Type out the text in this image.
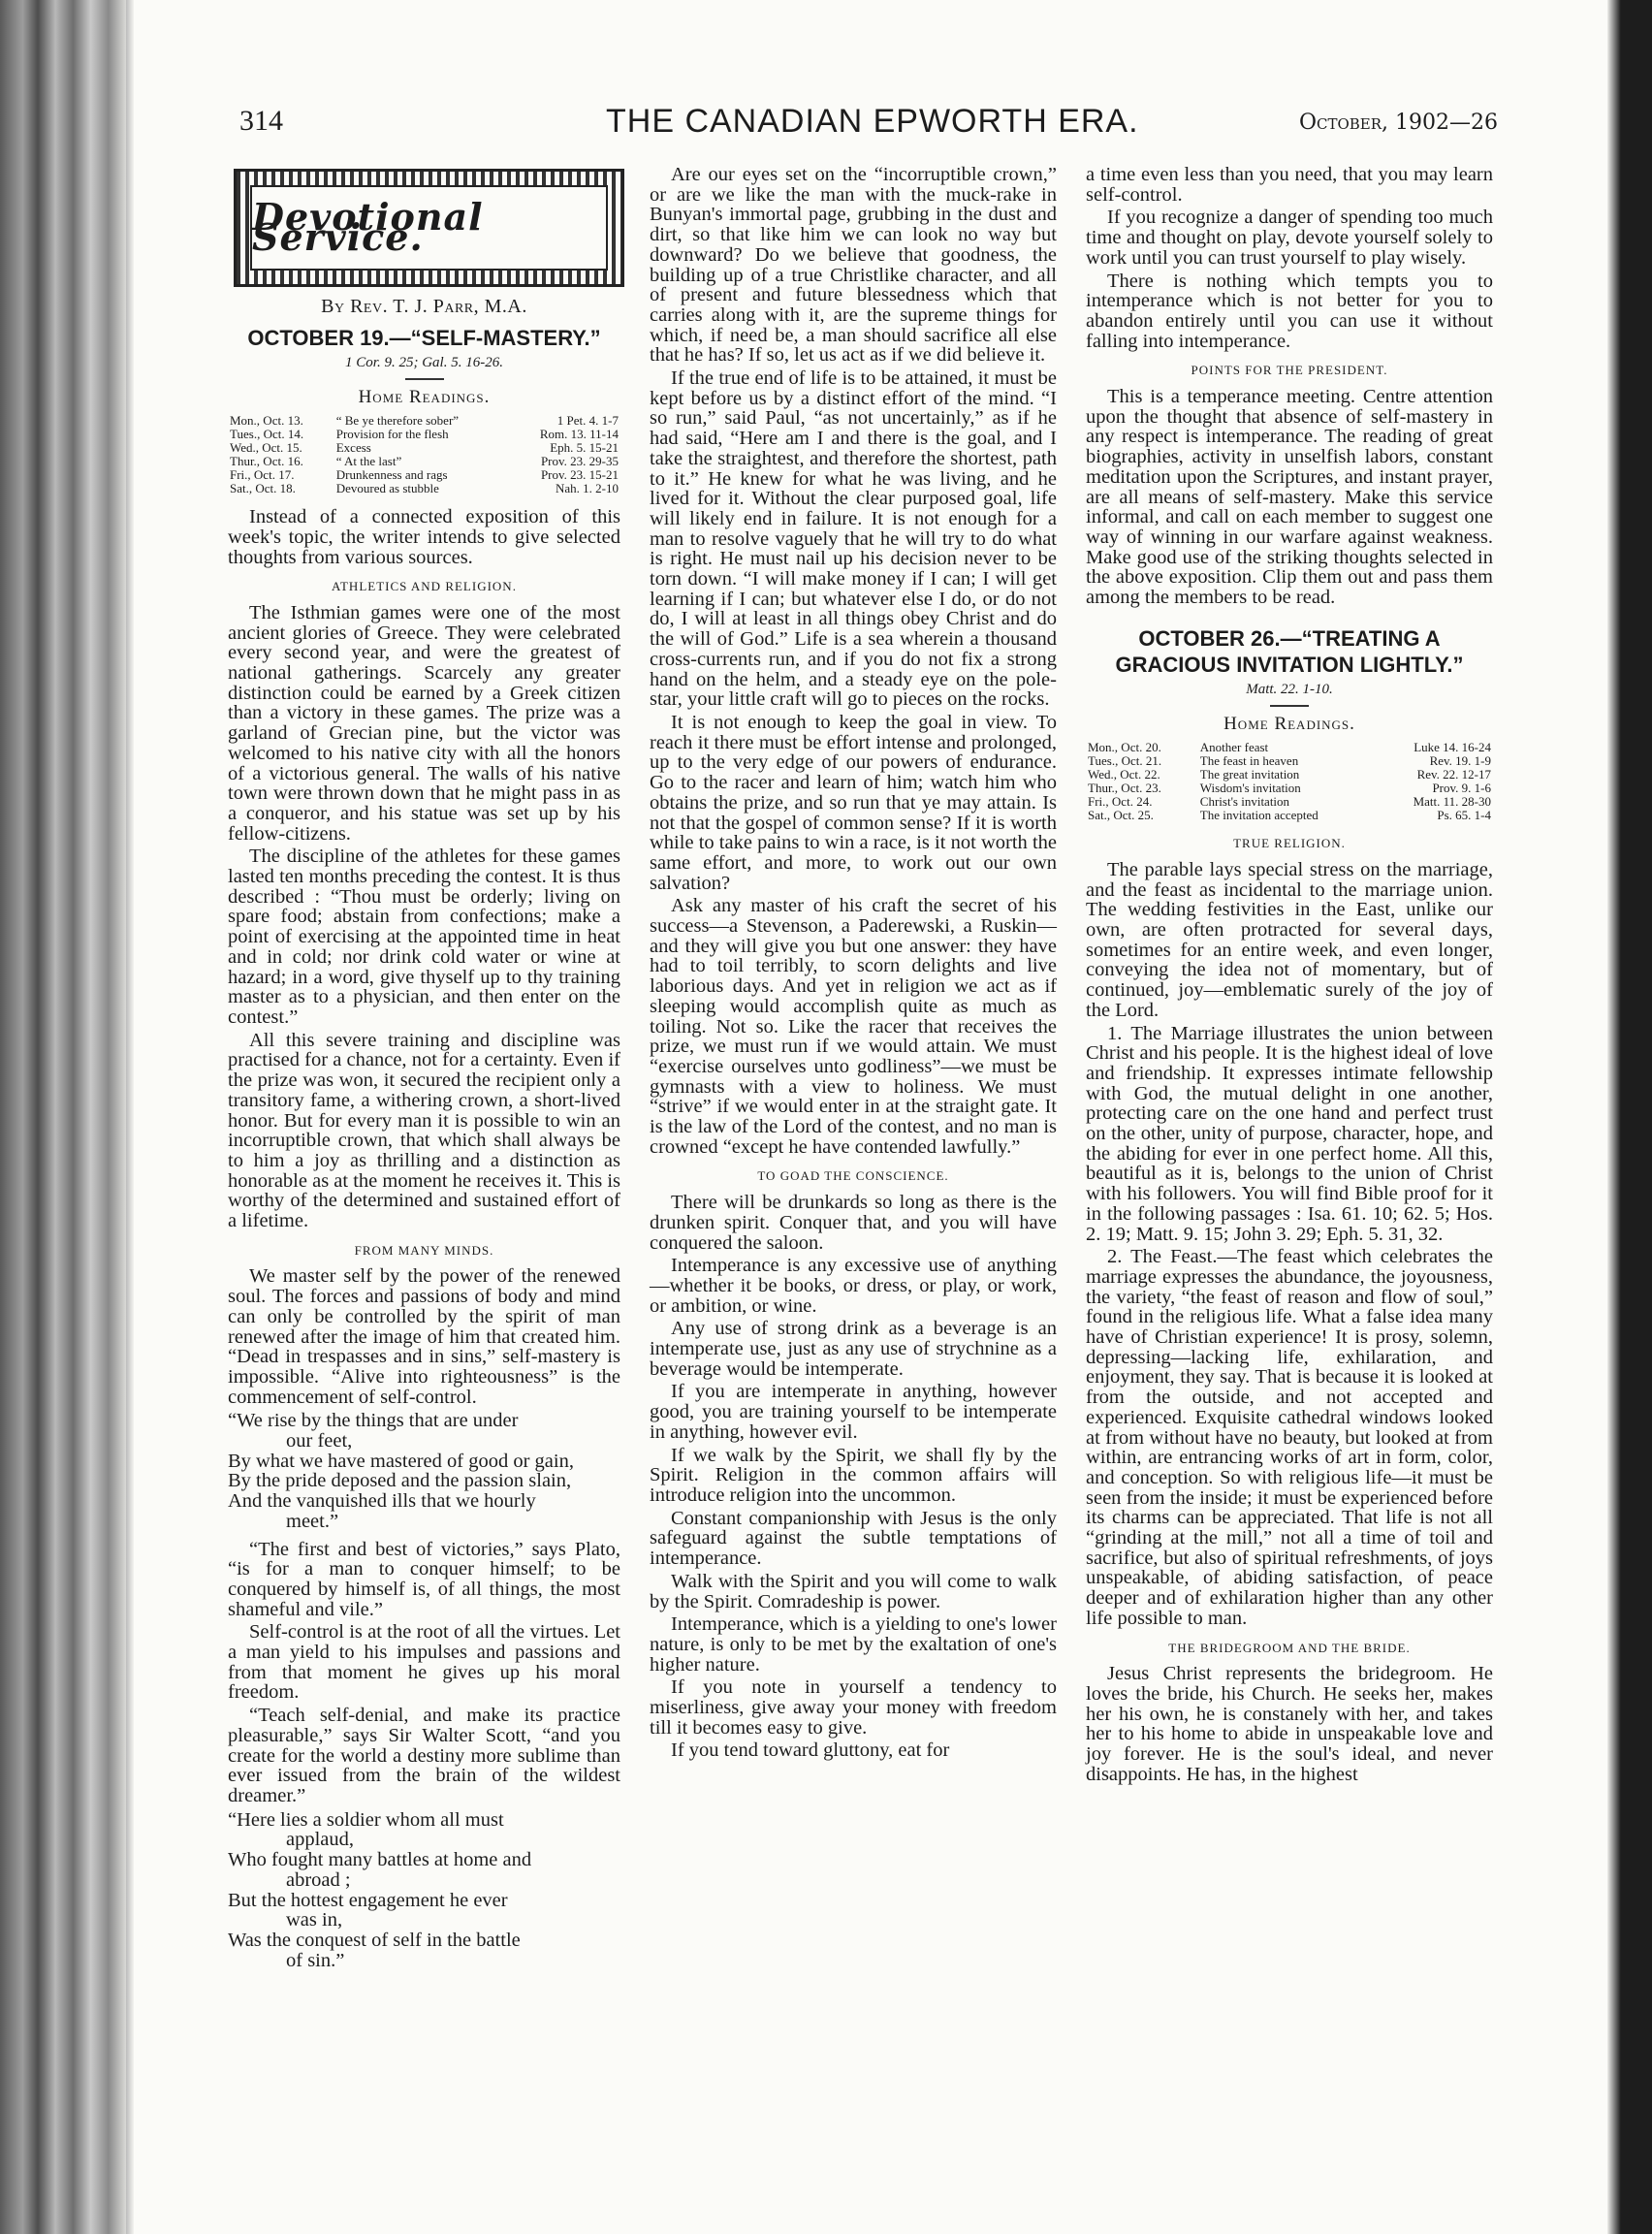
314	THE CANADIAN EPWORTH ERA.	October, 1902—26
Devotional Service.
By Rev. T. J. Parr, M.A.
OCTOBER 19.—“SELF-MASTERY.”
1 Cor. 9. 25; Gal. 5. 16-26.
Home Readings.
Mon., Oct. 13.	“ Be ye therefore sober”	1 Pet. 4. 1-7
Tues., Oct. 14.	Provision for the flesh	Rom. 13. 11-14
Wed., Oct. 15.	Excess	Eph. 5. 15-21
Thur., Oct. 16.	“ At the last”	Prov. 23. 29-35
Fri., Oct. 17.	Drunkenness and rags	Prov. 23. 15-21
Sat., Oct. 18.	Devoured as stubble	Nah. 1. 2-10

Instead of a connected exposition of this week's topic, the writer intends to give selected thoughts from various sources.

ATHLETICS AND RELIGION.

The Isthmian games were one of the most ancient glories of Greece. They were celebrated every second year, and were the greatest of national gatherings. Scarcely any greater distinction could be earned by a Greek citizen than a victory in these games. The prize was a garland of Grecian pine, but the victor was welcomed to his native city with all the honors of a victorious general. The walls of his native town were thrown down that he might pass in as a conqueror, and his statue was set up by his fellow-citizens.

The discipline of the athletes for these games lasted ten months preceding the contest. It is thus described : “Thou must be orderly; living on spare food; abstain from confections; make a point of exercising at the appointed time in heat and in cold; nor drink cold water or wine at hazard; in a word, give thyself up to thy training master as to a physician, and then enter on the contest.”

All this severe training and discipline was practised for a chance, not for a certainty. Even if the prize was won, it secured the recipient only a transitory fame, a withering crown, a short-lived honor. But for every man it is possible to win an incorruptible crown, that which shall always be to him a joy as thrilling and a distinction as honorable as at the moment he receives it. This is worthy of the determined and sustained effort of a lifetime.

FROM MANY MINDS.

We master self by the power of the renewed soul. The forces and passions of body and mind can only be controlled by the spirit of man renewed after the image of him that created him. “Dead in trespasses and in sins,” self-mastery is impossible. “Alive into righteousness” is the commencement of self-control.

“We rise by the things that are under
our feet,
By what we have mastered of good or gain,
By the pride deposed and the passion slain,
And the vanquished ills that we hourly
meet.”

“The first and best of victories,” says Plato, “is for a man to conquer himself; to be conquered by himself is, of all things, the most shameful and vile.”

Self-control is at the root of all the virtues. Let a man yield to his impulses and passions and from that moment he gives up his moral freedom.

“Teach self-denial, and make its practice pleasurable,” says Sir Walter Scott, “and you create for the world a destiny more sublime than ever issued from the brain of the wildest dreamer.”

“Here lies a soldier whom all must
applaud,
Who fought many battles at home and
abroad ;
But the hottest engagement he ever
was in,
Was the conquest of self in the battle
of sin.”

Are our eyes set on the “incorruptible crown,” or are we like the man with the muck-rake in Bunyan's immortal page, grubbing in the dust and dirt, so that like him we can look no way but downward? Do we believe that goodness, the building up of a true Christlike character, and all of present and future blessedness which that carries along with it, are the supreme things for which, if need be, a man should sacrifice all else that he has? If so, let us act as if we did believe it.

If the true end of life is to be attained, it must be kept before us by a distinct effort of the mind. “I so run,” said Paul, “as not uncertainly,” as if he had said, “Here am I and there is the goal, and I take the straightest, and therefore the shortest, path to it.” He knew for what he was living, and he lived for it. Without the clear purposed goal, life will likely end in failure. It is not enough for a man to resolve vaguely that he will try to do what is right. He must nail up his decision never to be torn down. “I will make money if I can; I will get learning if I can; but whatever else I do, or do not do, I will at least in all things obey Christ and do the will of God.” Life is a sea wherein a thousand cross-currents run, and if you do not fix a strong hand on the helm, and a steady eye on the pole-star, your little craft will go to pieces on the rocks.

It is not enough to keep the goal in view. To reach it there must be effort intense and prolonged, up to the very edge of our powers of endurance. Go to the racer and learn of him; watch him who obtains the prize, and so run that ye may attain. Is not that the gospel of common sense? If it is worth while to take pains to win a race, is it not worth the same effort, and more, to work out our own salvation?

Ask any master of his craft the secret of his success—a Stevenson, a Paderewski, a Ruskin—and they will give you but one answer: they have had to toil terribly, to scorn delights and live laborious days. And yet in religion we act as if sleeping would accomplish quite as much as toiling. Not so. Like the racer that receives the prize, we must run if we would attain. We must “exercise ourselves unto godliness”—we must be gymnasts with a view to holiness. We must “strive” if we would enter in at the straight gate. It is the law of the Lord of the contest, and no man is crowned “except he have contended lawfully.”

TO GOAD THE CONSCIENCE.

There will be drunkards so long as there is the drunken spirit. Conquer that, and you will have conquered the saloon.

Intemperance is any excessive use of anything—whether it be books, or dress, or play, or work, or ambition, or wine.

Any use of strong drink as a beverage is an intemperate use, just as any use of strychnine as a beverage would be intemperate.

If you are intemperate in anything, however good, you are training yourself to be intemperate in anything, however evil.

If we walk by the Spirit, we shall fly by the Spirit. Religion in the common affairs will introduce religion into the uncommon.

Constant companionship with Jesus is the only safeguard against the subtle temptations of intemperance.

Walk with the Spirit and you will come to walk by the Spirit. Comradeship is power.

Intemperance, which is a yielding to one's lower nature, is only to be met by the exaltation of one's higher nature.

If you note in yourself a tendency to miserliness, give away your money with freedom till it becomes easy to give.

If you tend toward gluttony, eat for

a time even less than you need, that you may learn self-control.

If you recognize a danger of spending too much time and thought on play, devote yourself solely to work until you can trust yourself to play wisely.

There is nothing which tempts you to intemperance which is not better for you to abandon entirely until you can use it without falling into intemperance.

POINTS FOR THE PRESIDENT.

This is a temperance meeting. Centre attention upon the thought that absence of self-mastery in any respect is intemperance. The reading of great biographies, activity in unselfish labors, constant meditation upon the Scriptures, and instant prayer, are all means of self-mastery. Make this service informal, and call on each member to suggest one way of winning in our warfare against weakness. Make good use of the striking thoughts selected in the above exposition. Clip them out and pass them among the members to be read.

OCTOBER 26.—“TREATING A GRACIOUS INVITATION LIGHTLY.”
Matt. 22. 1-10.
Home Readings.
Mon., Oct. 20.	Another feast	Luke 14. 16-24
Tues., Oct. 21.	The feast in heaven	Rev. 19. 1-9
Wed., Oct. 22.	The great invitation	Rev. 22. 12-17
Thur., Oct. 23.	Wisdom's invitation	Prov. 9. 1-6
Fri., Oct. 24.	Christ's invitation	Matt. 11. 28-30
Sat., Oct. 25.	The invitation accepted	Ps. 65. 1-4
TRUE RELIGION.

The parable lays special stress on the marriage, and the feast as incidental to the marriage union. The wedding festivities in the East, unlike our own, are often protracted for several days, sometimes for an entire week, and even longer, conveying the idea not of momentary, but of continued, joy—emblematic surely of the joy of the Lord.

1. The Marriage illustrates the union between Christ and his people. It is the highest ideal of love and friendship. It expresses intimate fellowship with God, the mutual delight in one another, protecting care on the one hand and perfect trust on the other, unity of purpose, character, hope, and the abiding for ever in one perfect home. All this, beautiful as it is, belongs to the union of Christ with his followers. You will find Bible proof for it in the following passages : Isa. 61. 10; 62. 5; Hos. 2. 19; Matt. 9. 15; John 3. 29; Eph. 5. 31, 32.

2. The Feast.—The feast which celebrates the marriage expresses the abundance, the joyousness, the variety, “the feast of reason and flow of soul,” found in the religious life. What a false idea many have of Christian experience! It is prosy, solemn, depressing—lacking life, exhilaration, and enjoyment, they say. That is because it is looked at from the outside, and not accepted and experienced. Exquisite cathedral windows looked at from without have no beauty, but looked at from within, are entrancing works of art in form, color, and conception. So with religious life—it must be seen from the inside; it must be experienced before its charms can be appreciated. That life is not all “grinding at the mill,” not all a time of toil and sacrifice, but also of spiritual refreshments, of joys unspeakable, of abiding satisfaction, of peace deeper and of exhilaration higher than any other life possible to man.

THE BRIDEGROOM AND THE BRIDE.

Jesus Christ represents the bridegroom. He loves the bride, his Church. He seeks her, makes her his own, he is constanely with her, and takes her to his home to abide in unspeakable love and joy forever. He is the soul's ideal, and never disappoints. He has, in the highest
